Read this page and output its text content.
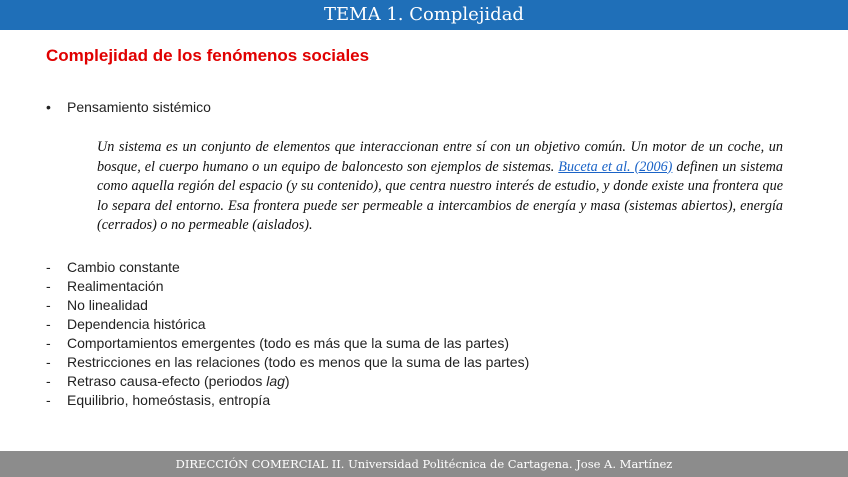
TEMA 1. Complejidad
Complejidad de los fenómenos sociales
•	Pensamiento sistémico
Un sistema es un conjunto de elementos que interaccionan entre sí con un objetivo común. Un motor de un coche, un bosque, el cuerpo humano o un equipo de baloncesto son ejemplos de sistemas. Buceta et al. (2006) definen un sistema como aquella región del espacio (y su contenido), que centra nuestro interés de estudio, y donde existe una frontera que lo separa del entorno. Esa frontera puede ser permeable a intercambios de energía y masa (sistemas abiertos), energía (cerrados) o no permeable (aislados).
-	Cambio constante
-	Realimentación
-	No linealidad
-	Dependencia histórica
-	Comportamientos emergentes (todo es más que la suma de las partes)
-	Restricciones en las relaciones (todo es menos que la suma de las partes)
-	Retraso causa-efecto (periodos lag)
-	Equilibrio, homeóstasis, entropía
DIRECCIÓN COMERCIAL II. Universidad Politécnica de Cartagena. Jose A. Martínez
